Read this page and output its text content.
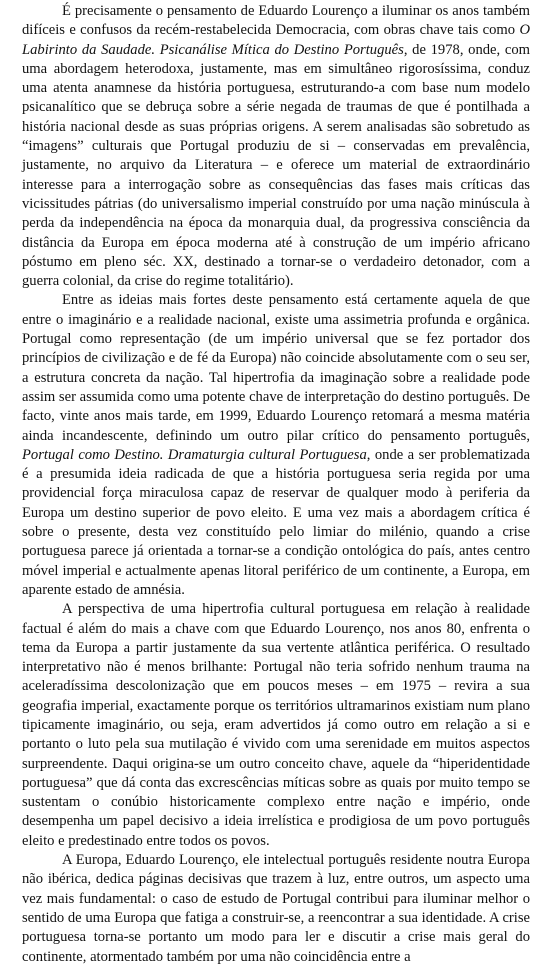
É precisamente o pensamento de Eduardo Lourenço a iluminar os anos também difíceis e confusos da recém-restabelecida Democracia, com obras chave tais como O Labirinto da Saudade. Psicanálise Mítica do Destino Português, de 1978, onde, com uma abordagem heterodoxa, justamente, mas em simultâneo rigorosíssima, conduz uma atenta anamnese da história portuguesa, estruturando-a com base num modelo psicanalítico que se debruça sobre a série negada de traumas de que é pontilhada a história nacional desde as suas próprias origens. A serem analisadas são sobretudo as “imagens” culturais que Portugal produziu de si – conservadas em prevalência, justamente, no arquivo da Literatura – e oferece um material de extraordinário interesse para a interrogação sobre as consequências das fases mais críticas das vicissitudes pátrias (do universalismo imperial construído por uma nação minúscula à perda da independência na época da monarquia dual, da progressiva consciência da distância da Europa em época moderna até à construção de um império africano póstumo em pleno séc. XX, destinado a tornar-se o verdadeiro detonador, com a guerra colonial, da crise do regime totalitário).

Entre as ideias mais fortes deste pensamento está certamente aquela de que entre o imaginário e a realidade nacional, existe uma assimetria profunda e orgânica. Portugal como representação (de um império universal que se fez portador dos princípios de civilização e de fé da Europa) não coincide absolutamente com o seu ser, a estrutura concreta da nação. Tal hipertrofia da imaginação sobre a realidade pode assim ser assumida como uma potente chave de interpretação do destino português. De facto, vinte anos mais tarde, em 1999, Eduardo Lourenço retomará a mesma matéria ainda incandescente, definindo um outro pilar crítico do pensamento português, Portugal como Destino. Dramaturgia cultural Portuguesa, onde a ser problematizada é a presumida ideia radicada de que a história portuguesa seria regida por uma providencial força miraculosa capaz de reservar de qualquer modo à periferia da Europa um destino superior de povo eleito. E uma vez mais a abordagem crítica é sobre o presente, desta vez constituído pelo limiar do milénio, quando a crise portuguesa parece já orientada a tornar-se a condição ontológica do país, antes centro móvel imperial e actualmente apenas litoral periférico de um continente, a Europa, em aparente estado de amnésia.

A perspectiva de uma hipertrofia cultural portuguesa em relação à realidade factual é além do mais a chave com que Eduardo Lourenço, nos anos 80, enfrenta o tema da Europa a partir justamente da sua vertente atlântica periférica. O resultado interpretativo não é menos brilhante: Portugal não teria sofrido nenhum trauma na aceleradíssima descolonização que em poucos meses – em 1975 – revira a sua geografia imperial, exactamente porque os territórios ultramarinos existiam num plano tipicamente imaginário, ou seja, eram advertidos já como outro em relação a si e portanto o luto pela sua mutilação é vivido com uma serenidade em muitos aspectos surpreendente. Daqui origina-se um outro conceito chave, aquele da “hiperidentidade portuguesa” que dá conta das excrescências míticas sobre as quais por muito tempo se sustentam o conúbio historicamente complexo entre nação e império, onde desempenha um papel decisivo a ideia irrelística e prodigiosa de um povo português eleito e predestinado entre todos os povos.

A Europa, Eduardo Lourenço, ele intelectual português residente noutra Europa não ibérica, dedica páginas decisivas que trazem à luz, entre outros, um aspecto uma vez mais fundamental: o caso de estudo de Portugal contribui para iluminar melhor o sentido de uma Europa que fatiga a construir-se, a reencontrar a sua identidade. A crise portuguesa torna-se portanto um modo para ler e discutir a crise mais geral do continente, atormentado também por uma não coincidência entre a
